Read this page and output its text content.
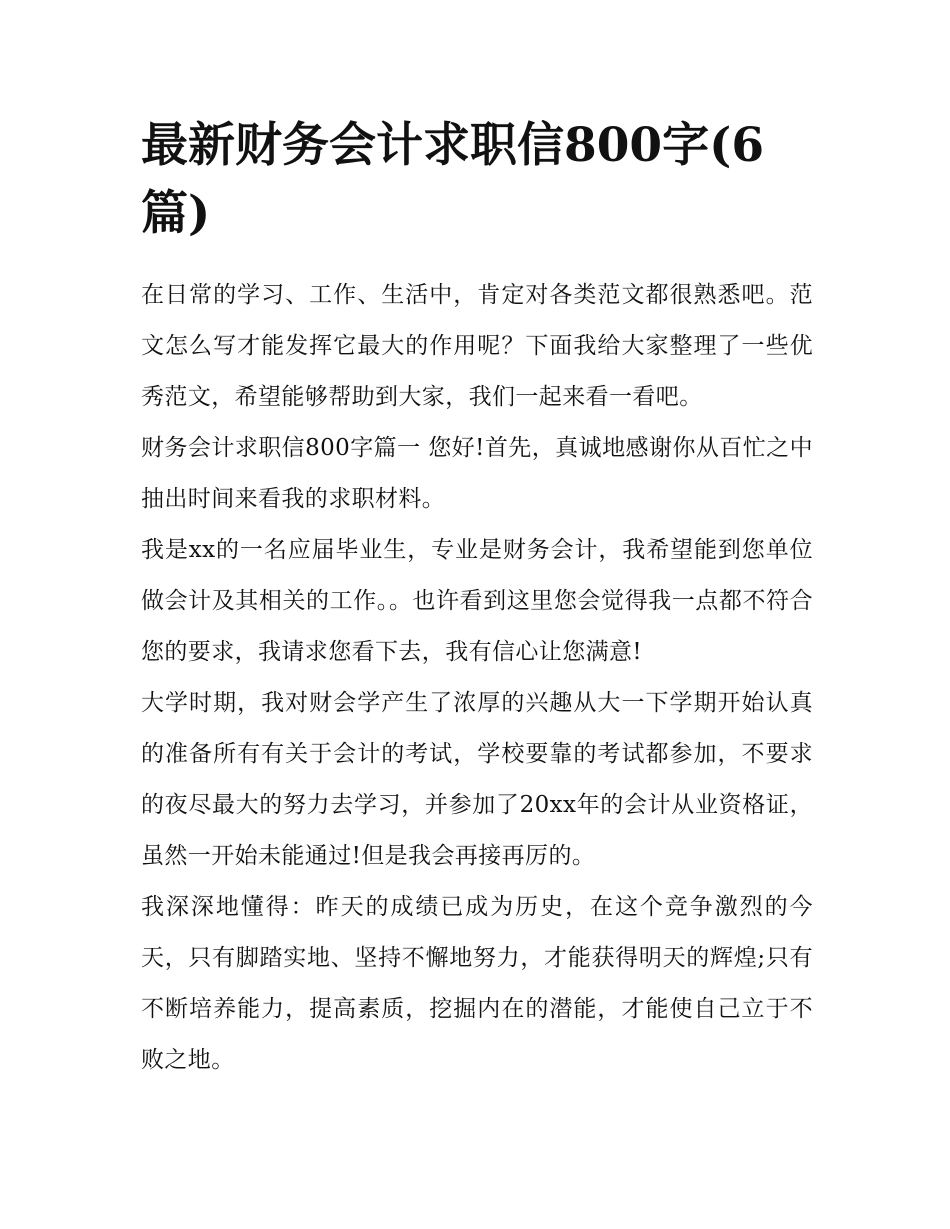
最新财务会计求职信800字(6篇)

在日常的学习、工作、生活中，肯定对各类范文都很熟悉吧。范文怎么写才能发挥它最大的作用呢？下面我给大家整理了一些优秀范文，希望能够帮助到大家，我们一起来看一看吧。

财务会计求职信800字篇一 您好!首先，真诚地感谢你从百忙之中抽出时间来看我的求职材料。

我是xx的一名应届毕业生，专业是财务会计，我希望能到您单位做会计及其相关的工作。。也许看到这里您会觉得我一点都不符合您的要求，我请求您看下去，我有信心让您满意!

大学时期，我对财会学产生了浓厚的兴趣从大一下学期开始认真的准备所有有关于会计的考试，学校要靠的考试都参加，不要求的夜尽最大的努力去学习，并参加了20xx年的会计从业资格证，虽然一开始未能通过!但是我会再接再厉的。

我深深地懂得：昨天的成绩已成为历史，在这个竞争激烈的今天，只有脚踏实地、坚持不懈地努力，才能获得明天的辉煌;只有不断培养能力，提高素质，挖掘内在的潜能，才能使自己立于不败之地。
